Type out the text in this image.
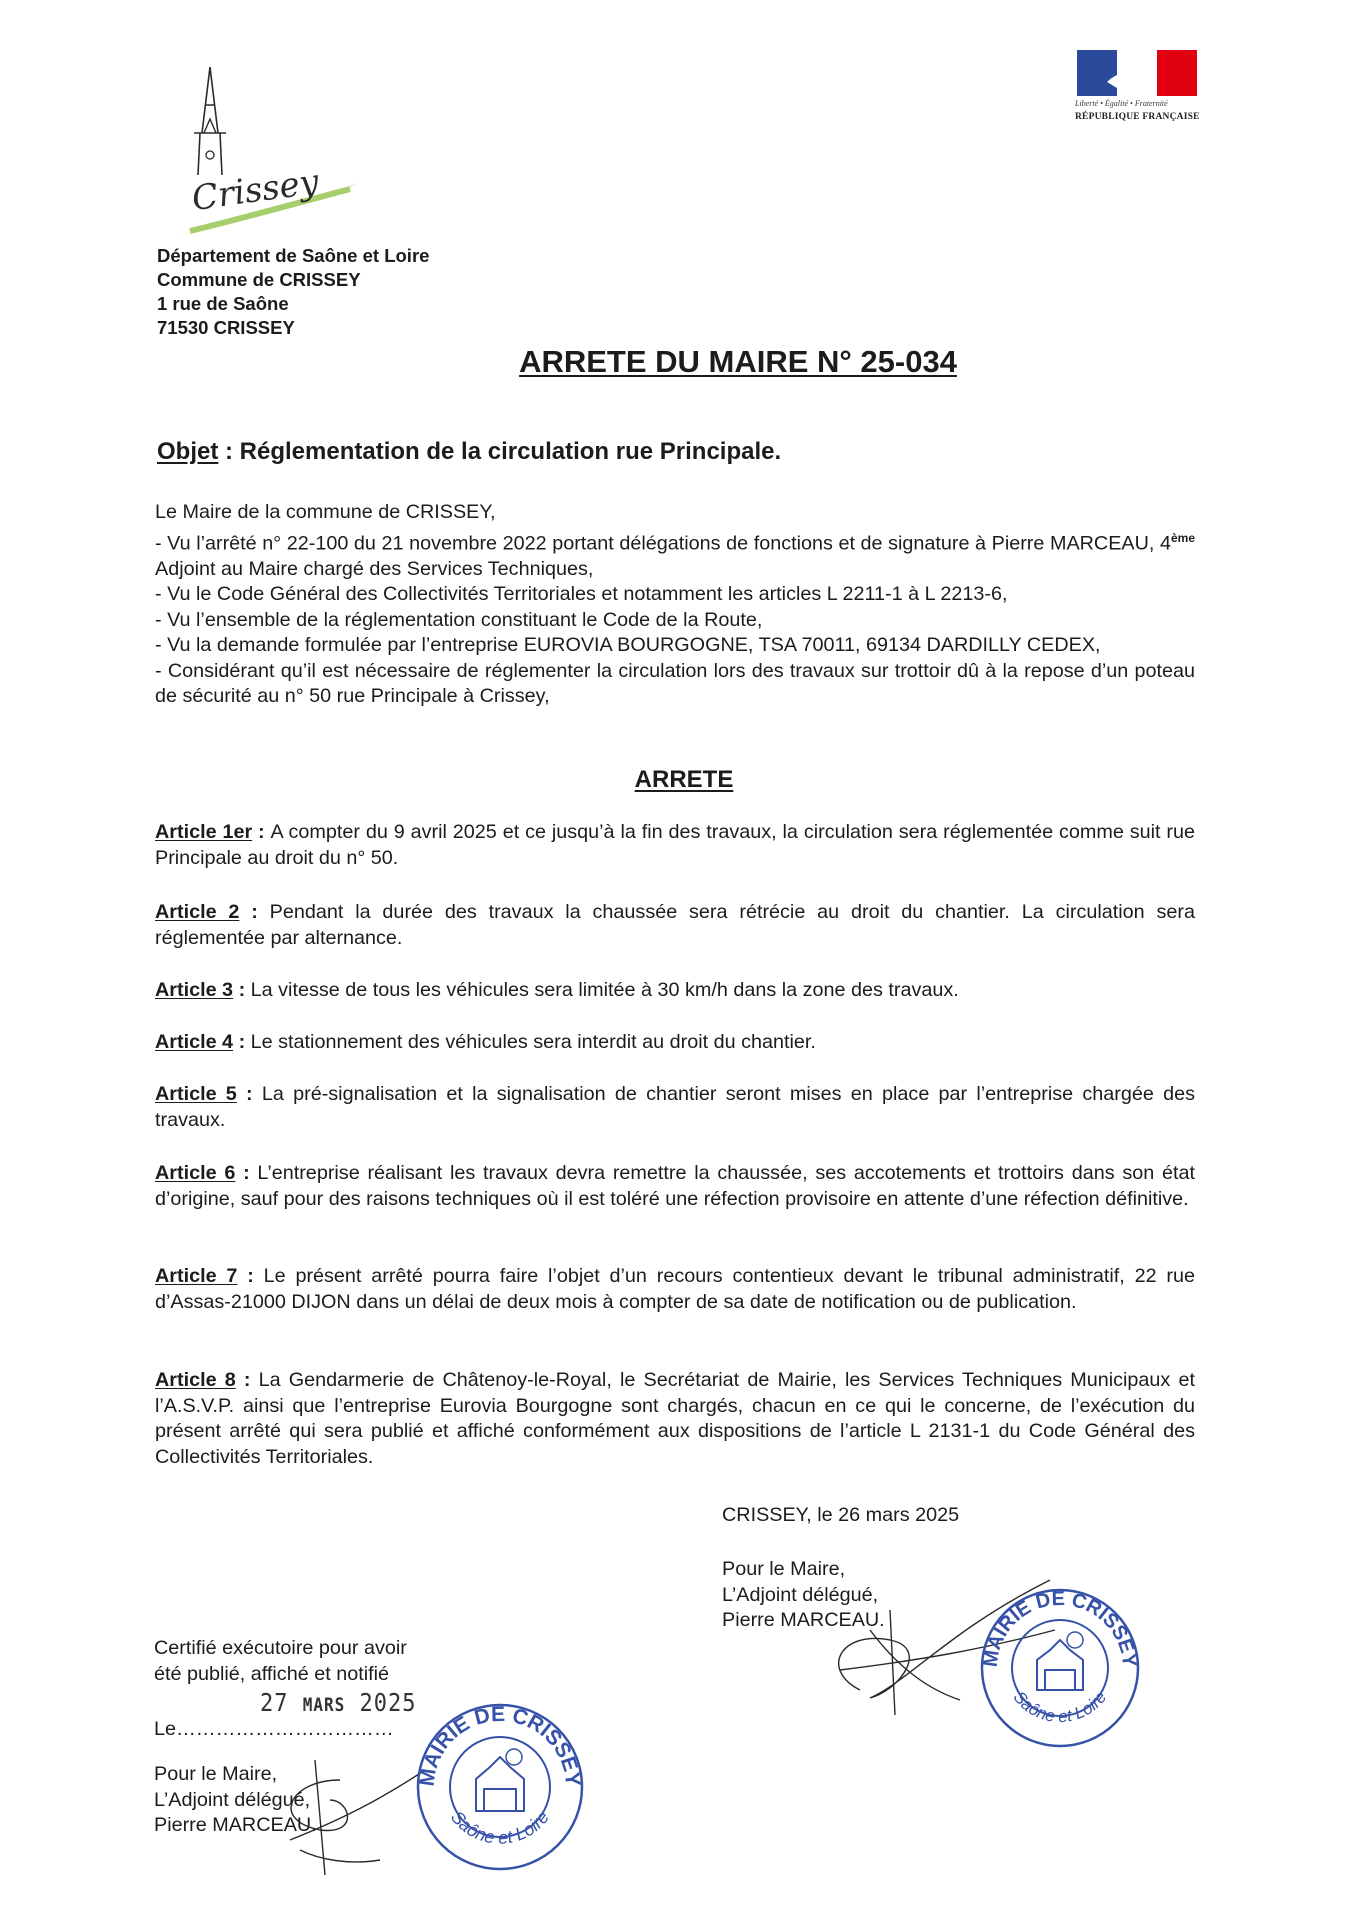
Crissey
Liberté • Égalité • Fraternité
RÉPUBLIQUE FRANÇAISE
Département de Saône et Loire
Commune de CRISSEY
1 rue de Saône
71530 CRISSEY
ARRETE DU MAIRE N° 25-034
Objet : Réglementation de la circulation rue Principale.

Le Maire de la commune de CRISSEY,

- Vu l’arrêté n° 22-100 du 21 novembre 2022 portant délégations de fonctions et de signature à Pierre MARCEAU, 4ème Adjoint au Maire chargé des Services Techniques,

- Vu le Code Général des Collectivités Territoriales et notamment les articles L 2211-1 à L 2213-6,

- Vu l’ensemble de la réglementation constituant le Code de la Route,

- Vu la demande formulée par l’entreprise EUROVIA BOURGOGNE, TSA 70011, 69134 DARDILLY CEDEX,

- Considérant qu’il est nécessaire de réglementer la circulation lors des travaux sur trottoir dû à la repose d’un poteau de sécurité au n° 50 rue Principale à Crissey,

ARRETE

Article 1er : A compter du 9 avril 2025 et ce jusqu’à la fin des travaux, la circulation sera réglementée comme suit rue Principale au droit du n° 50.

Article 2 : Pendant la durée des travaux la chaussée sera rétrécie au droit du chantier. La circulation sera réglementée par alternance.

Article 3 : La vitesse de tous les véhicules sera limitée à 30 km/h dans la zone des travaux.

Article 4 : Le stationnement des véhicules sera interdit au droit du chantier.

Article 5 : La pré-signalisation et la signalisation de chantier seront mises en place par l’entreprise chargée des travaux.

Article 6 : L’entreprise réalisant les travaux devra remettre la chaussée, ses accotements et trottoirs dans son état d’origine, sauf pour des raisons techniques où il est toléré une réfection provisoire en attente d’une réfection définitive.

Article 7 : Le présent arrêté pourra faire l’objet d’un recours contentieux devant le tribunal administratif, 22 rue d’Assas-21000 DIJON dans un délai de deux mois à compter de sa date de notification ou de publication.

Article 8 : La Gendarmerie de Châtenoy-le-Royal, le Secrétariat de Mairie, les Services Techniques Municipaux et l’A.S.V.P. ainsi que l’entreprise Eurovia Bourgogne sont chargés, chacun en ce qui le concerne, de l’exécution du présent arrêté qui sera publié et affiché conformément aux dispositions de l’article L 2131-1 du Code Général des Collectivités Territoriales.

CRISSEY, le 26 mars 2025
Pour le Maire,
L’Adjoint délégué,
Pierre MARCEAU.
MAIRIE DE CRISSEY
Saône et Loire
Certifié exécutoire pour avoir
été publié, affiché et notifié
27 MARS 2025
Le……………………………
Pour le Maire,
L’Adjoint délégué,
Pierre MARCEAU.
MAIRIE DE CRISSEY
Saône et Loire
